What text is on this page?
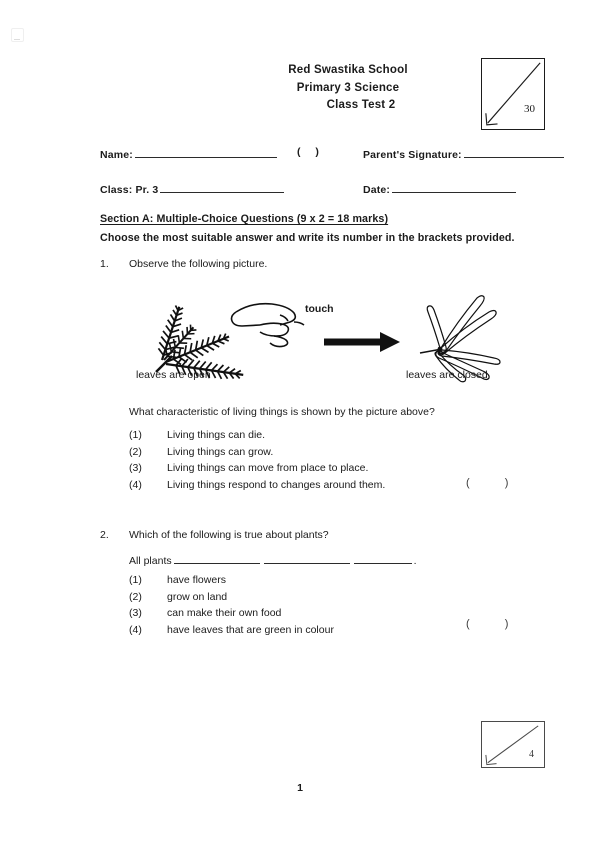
Red Swastika School
Primary 3 Science
Class Test 2	30
Name:	( )	Parent's Signature:
Class: Pr. 3	Date:
Section A: Multiple-Choice Questions (9 x 2 = 18 marks)
Choose the most suitable answer and write its number in the brackets provided.
1. Observe the following picture.
leaves are open	leaves are closed
touch
What characteristic of living things is shown by the picture above?
(1) Living things can die.
(2) Living things can grow.
(3) Living things can move from place to place.
(4) Living things respond to changes around them.	( )
2. Which of the following is true about plants?
All plants	.
(1) have flowers
(2) grow on land
(3) can make their own food
(4) have leaves that are green in colour	( )
4
1
